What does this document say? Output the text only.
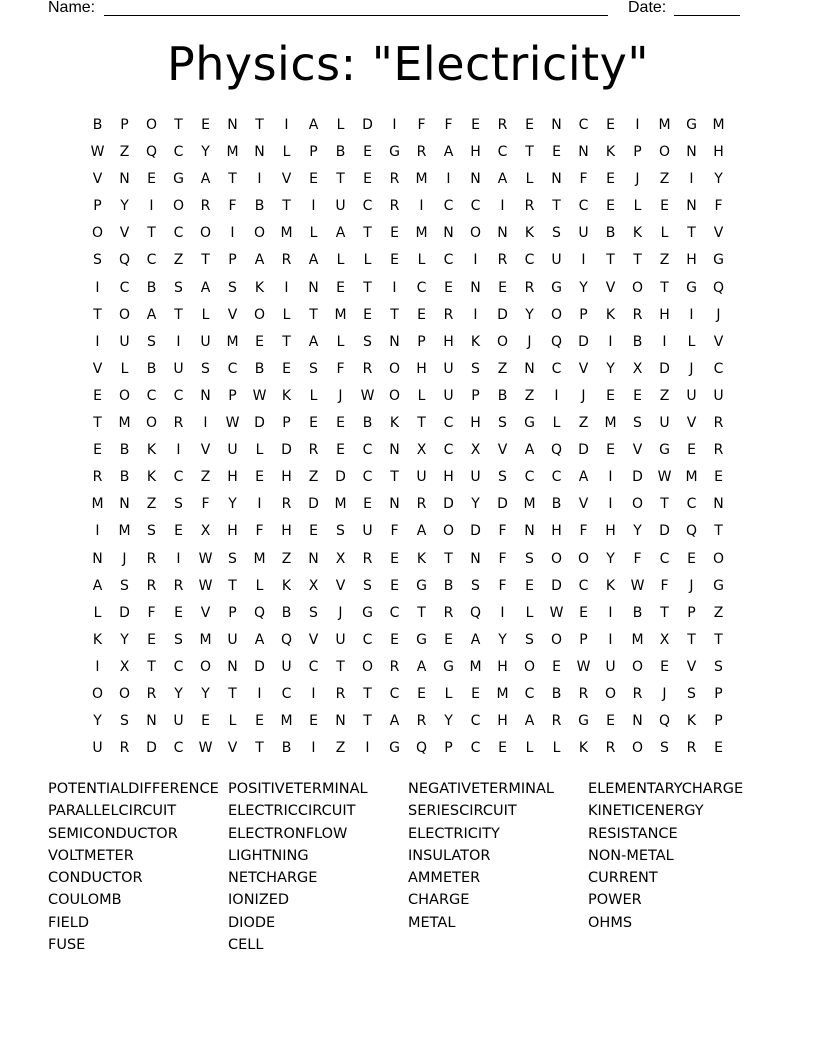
Name:	Date:
Physics: "Electricity"
B	P	O	T	E	N	T	I	A	L	D	I	F	F	E	R	E	N	C	E	I	M	G	M
W	Z	Q	C	Y	M	N	L	P	B	E	G	R	A	H	C	T	E	N	K	P	O	N	H
V	N	E	G	A	T	I	V	E	T	E	R	M	I	N	A	L	N	F	E	J	Z	I	Y
P	Y	I	O	R	F	B	T	I	U	C	R	I	C	C	I	R	T	C	E	L	E	N	F
O	V	T	C	O	I	O	M	L	A	T	E	M	N	O	N	K	S	U	B	K	L	T	V
S	Q	C	Z	T	P	A	R	A	L	L	E	L	C	I	R	C	U	I	T	T	Z	H	G
I	C	B	S	A	S	K	I	N	E	T	I	C	E	N	E	R	G	Y	V	O	T	G	Q
T	O	A	T	L	V	O	L	T	M	E	T	E	R	I	D	Y	O	P	K	R	H	I	J
I	U	S	I	U	M	E	T	A	L	S	N	P	H	K	O	J	Q	D	I	B	I	L	V
V	L	B	U	S	C	B	E	S	F	R	O	H	U	S	Z	N	C	V	Y	X	D	J	C
E	O	C	C	N	P	W	K	L	J	W	O	L	U	P	B	Z	I	J	E	E	Z	U	U
T	M	O	R	I	W	D	P	E	E	B	K	T	C	H	S	G	L	Z	M	S	U	V	R
E	B	K	I	V	U	L	D	R	E	C	N	X	C	X	V	A	Q	D	E	V	G	E	R
R	B	K	C	Z	H	E	H	Z	D	C	T	U	H	U	S	C	C	A	I	D	W	M	E
M	N	Z	S	F	Y	I	R	D	M	E	N	R	D	Y	D	M	B	V	I	O	T	C	N
I	M	S	E	X	H	F	H	E	S	U	F	A	O	D	F	N	H	F	H	Y	D	Q	T
N	J	R	I	W	S	M	Z	N	X	R	E	K	T	N	F	S	O	O	Y	F	C	E	O
A	S	R	R	W	T	L	K	X	V	S	E	G	B	S	F	E	D	C	K	W	F	J	G
L	D	F	E	V	P	Q	B	S	J	G	C	T	R	Q	I	L	W	E	I	B	T	P	Z
K	Y	E	S	M	U	A	Q	V	U	C	E	G	E	A	Y	S	O	P	I	M	X	T	T
I	X	T	C	O	N	D	U	C	T	O	R	A	G	M	H	O	E	W	U	O	E	V	S
O	O	R	Y	Y	T	I	C	I	R	T	C	E	L	E	M	C	B	R	O	R	J	S	P
Y	S	N	U	E	L	E	M	E	N	T	A	R	Y	C	H	A	R	G	E	N	Q	K	P
U	R	D	C	W	V	T	B	I	Z	I	G	Q	P	C	E	L	L	K	R	O	S	R	E
POTENTIALDIFFERENCE
PARALLELCIRCUIT
SEMICONDUCTOR
VOLTMETER
CONDUCTOR
COULOMB
FIELD
FUSE
POSITIVETERMINAL
ELECTRICCIRCUIT
ELECTRONFLOW
LIGHTNING
NETCHARGE
IONIZED
DIODE
CELL
NEGATIVETERMINAL
SERIESCIRCUIT
ELECTRICITY
INSULATOR
AMMETER
CHARGE
METAL
ELEMENTARYCHARGE
KINETICENERGY
RESISTANCE
NON-METAL
CURRENT
POWER
OHMS
